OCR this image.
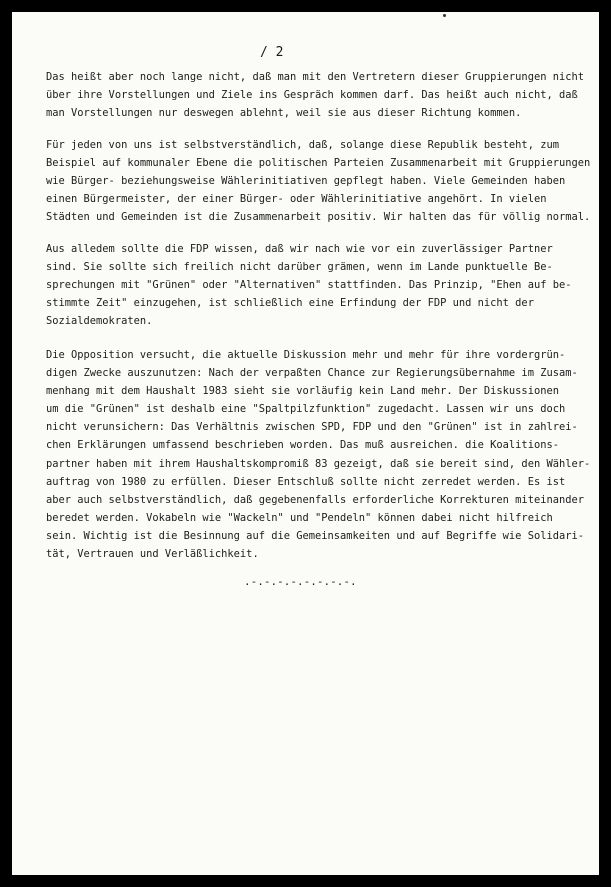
/ 2

Das heißt aber noch lange nicht, daß man mit den Vertretern dieser Gruppierungen nicht
über ihre Vorstellungen und Ziele ins Gespräch kommen darf. Das heißt auch nicht, daß
man Vorstellungen nur deswegen ablehnt, weil sie aus dieser Richtung kommen.

Für jeden von uns ist selbstverständlich, daß, solange diese Republik besteht, zum
Beispiel auf kommunaler Ebene die politischen Parteien Zusammenarbeit mit Gruppierungen
wie Bürger- beziehungsweise Wählerinitiativen gepflegt haben. Viele Gemeinden haben
einen Bürgermeister, der einer Bürger- oder Wählerinitiative angehört. In vielen
Städten und Gemeinden ist die Zusammenarbeit positiv. Wir halten das für völlig normal.

Aus alledem sollte die FDP wissen, daß wir nach wie vor ein zuverlässiger Partner
sind. Sie sollte sich freilich nicht darüber grämen, wenn im Lande punktuelle Be-
sprechungen mit "Grünen" oder "Alternativen" stattfinden. Das Prinzip, "Ehen auf be-
stimmte Zeit" einzugehen, ist schließlich eine Erfindung der FDP und nicht der
Sozialdemokraten.

Die Opposition versucht, die aktuelle Diskussion mehr und mehr für ihre vordergrün-
digen Zwecke auszunutzen: Nach der verpaßten Chance zur Regierungsübernahme im Zusam-
menhang mit dem Haushalt 1983 sieht sie vorläufig kein Land mehr. Der Diskussionen
um die "Grünen" ist deshalb eine "Spaltpilzfunktion" zugedacht. Lassen wir uns doch
nicht verunsichern: Das Verhältnis zwischen SPD, FDP und den "Grünen" ist in zahlrei-
chen Erklärungen umfassend beschrieben worden. Das muß ausreichen. die Koalitions-
partner haben mit ihrem Haushaltskompromiß 83 gezeigt, daß sie bereit sind, den Wähler-
auftrag von 1980 zu erfüllen. Dieser Entschluß sollte nicht zerredet werden. Es ist
aber auch selbstverständlich, daß gegebenenfalls erforderliche Korrekturen miteinander
beredet werden. Vokabeln wie "Wackeln" und "Pendeln" können dabei nicht hilfreich
sein. Wichtig ist die Besinnung auf die Gemeinsamkeiten und auf Begriffe wie Solidari-
tät, Vertrauen und Verläßlichkeit.

.-.-.-.-.-.-.-.-.
